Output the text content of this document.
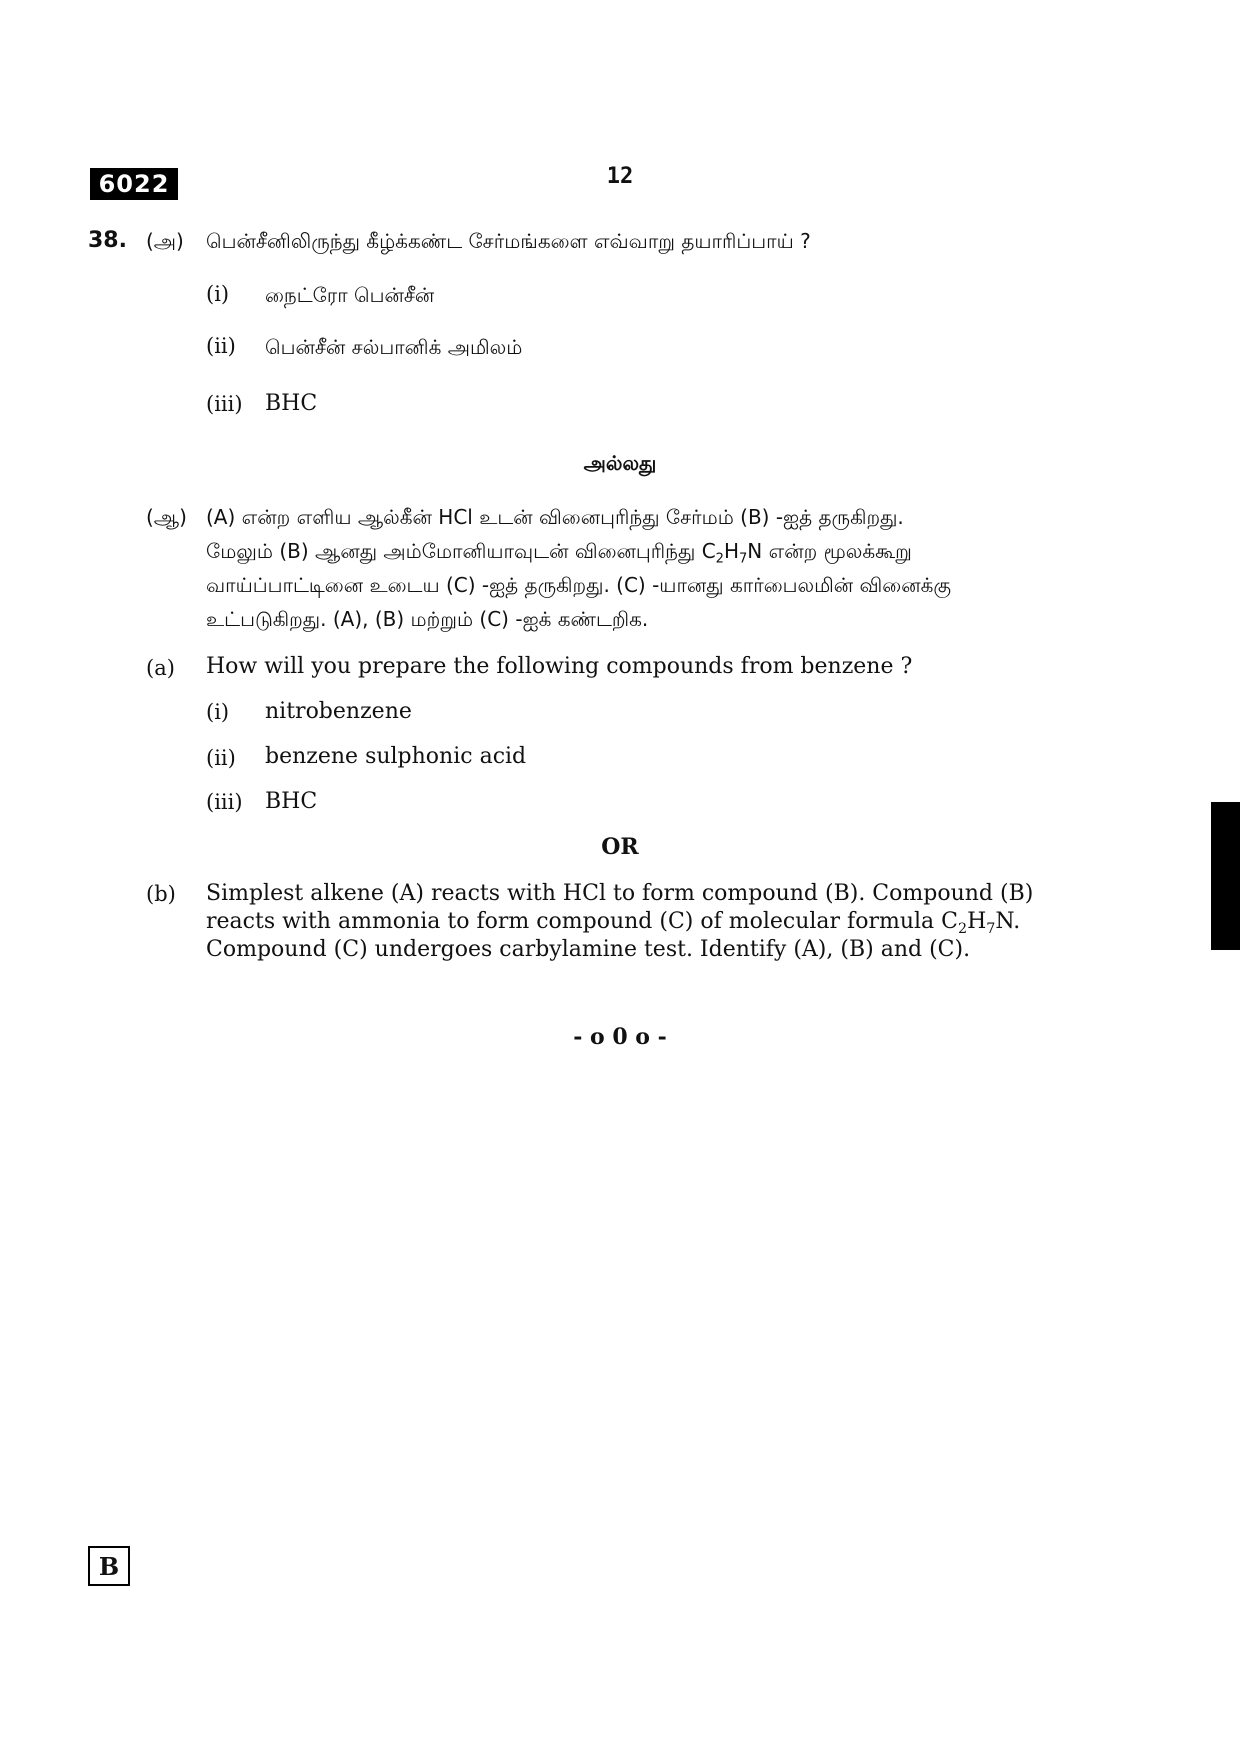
6022	12
38. (அ) பென்சீனிலிருந்து கீழ்க்கண்ட சேர்மங்களை எவ்வாறு தயாரிப்பாய் ?
(i) நைட்ரோ பென்சீன்
(ii) பென்சீன் சல்பானிக் அமிலம்
(iii) BHC
அல்லது
(ஆ) (A) என்ற எளிய ஆல்கீன் HCl உடன் வினைபுரிந்து சேர்மம் (B) -ஐத் தருகிறது.
மேலும் (B) ஆனது அம்மோனியாவுடன் வினைபுரிந்து $C_2H_7N$ என்ற மூலக்கூறு
வாய்ப்பாட்டினை உடைய (C) -ஐத் தருகிறது. (C) -யானது கார்பைலமின் வினைக்கு
உட்படுகிறது. (A), (B) மற்றும் (C) -ஐக் கண்டறிக.
(a) How will you prepare the following compounds from benzene ?
(i) nitrobenzene
(ii) benzene sulphonic acid
(iii) BHC
OR
(b) Simplest alkene (A) reacts with HCl to form compound (B). Compound (B)
reacts with ammonia to form compound (C) of molecular formula $C_2H_7N$.
Compound (C) undergoes carbylamine test. Identify (A), (B) and (C).
- o 0 o -
B
